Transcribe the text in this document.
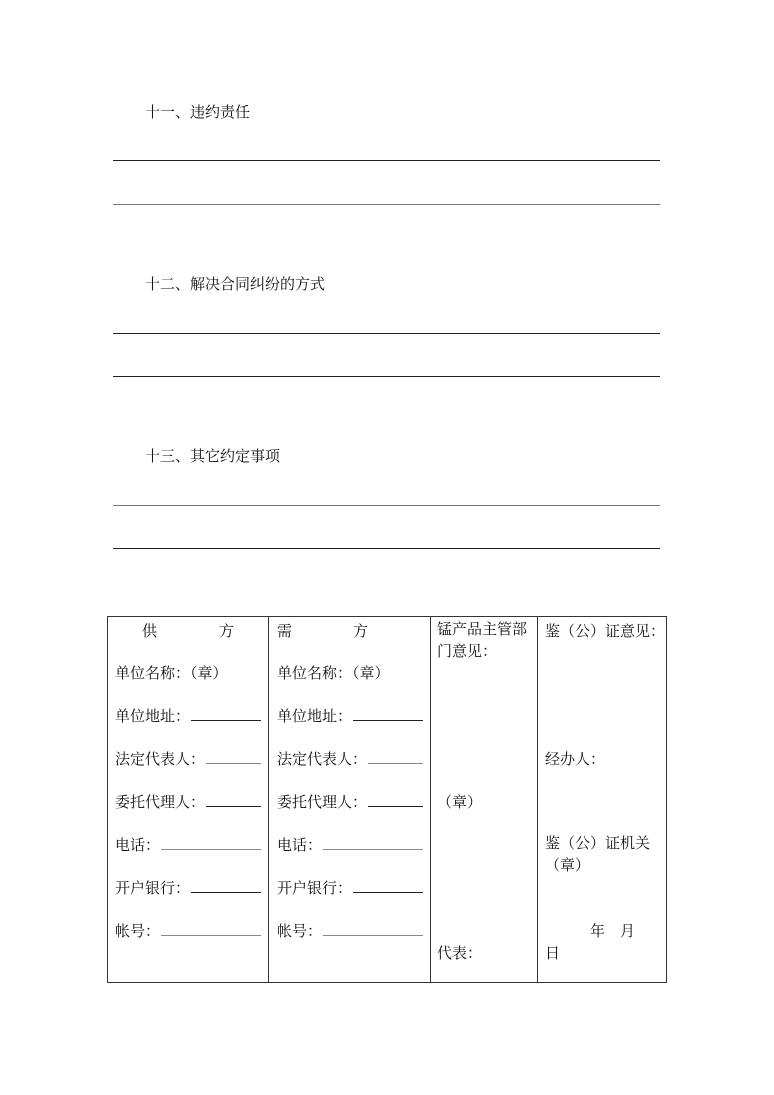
十一、违约责任
十二、解决合同纠纷的方式
十三、其它约定事项
供	方
单位名称：（章）
单位地址：
法定代表人：
委托代理人：
电话：
开户银行：
帐号：
需	方
单位名称：（章）
单位地址：
法定代表人：
委托代理人：
电话：
开户银行：
帐号：
锰产品主管部门意见：
（章）
代表：
鉴（公）证意见：
经办人：
鉴（公）证机关（章）
年　月
日
